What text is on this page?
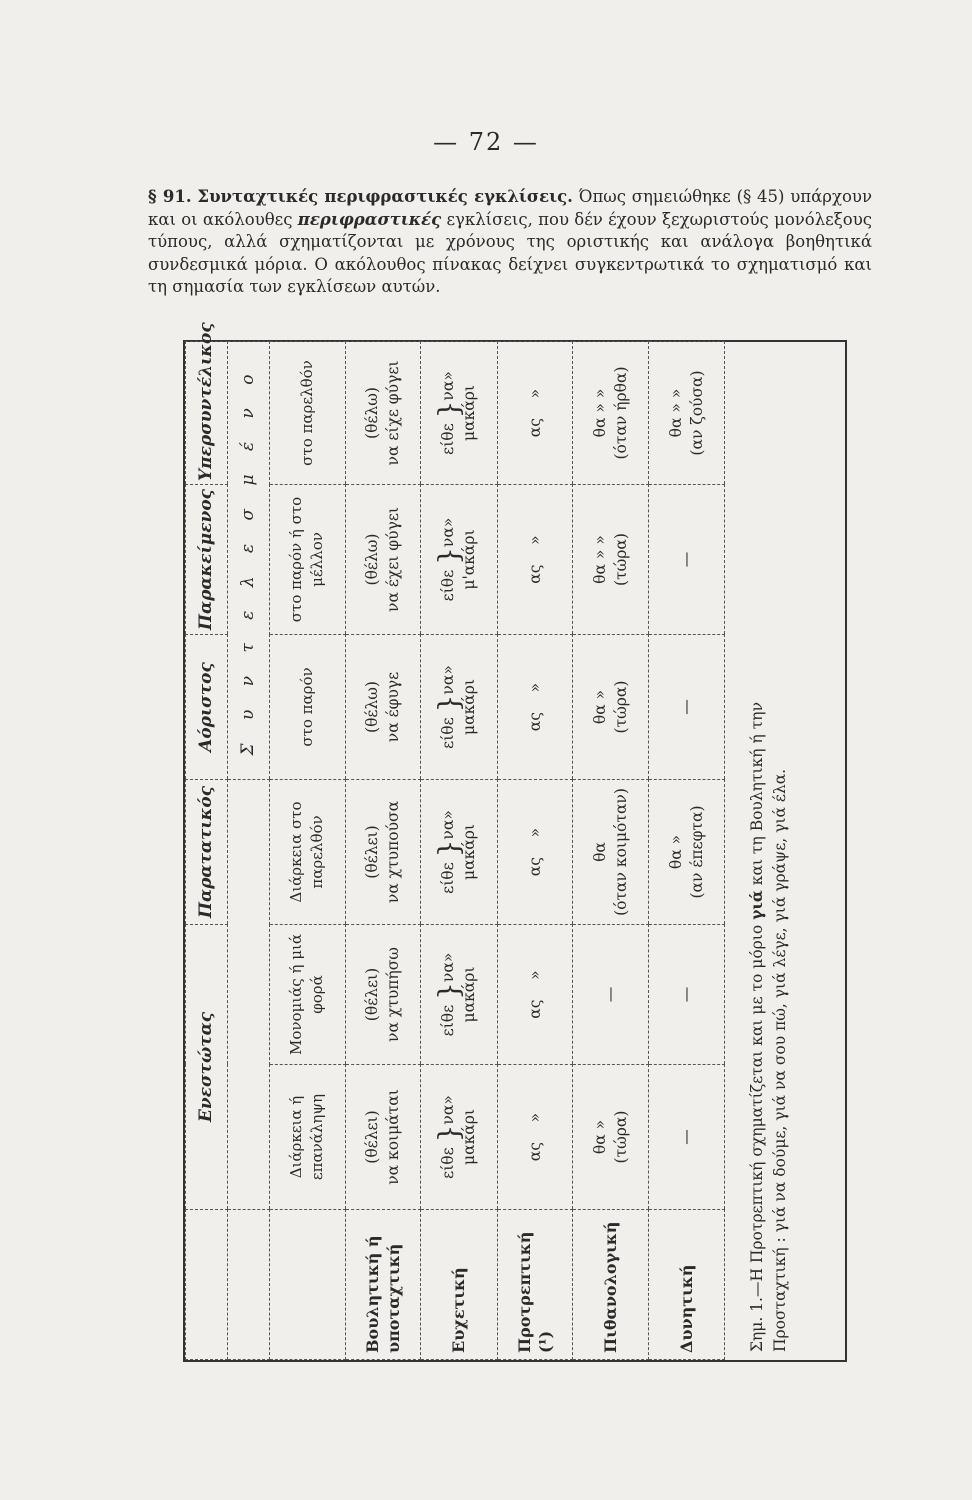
— 72 —
§ 91. Συνταχτικές περιφραστικές εγκλίσεις. Όπως σημειώθηκε (§ 45) υπάρχουν και οι ακόλουθες περιφραστικές εγκλίσεις, που δέν έχουν ξεχωριστούς μονόλεξους τύπους, αλλά σχηματίζονται με χρόνους της οριστικής και ανάλογα βοηθητικά συνδεσμικά μόρια. Ο ακόλουθος πίνακας δείχνει συγκεντρωτικά το σχηματισμό και τη σημασία των εγκλίσεων αυτών.
	Ενεστώτας		Παρατατικός	Αόριστος	Παρακείμενος	Υπερσυντέλικος
				Σ υ ν τ ε λ ε σ μ έ ν ο		
	Διάρκεια ή επανάληψη	Μονομιάς ή μιά φορά	Διάρκεια στο παρελθόν	στο παρόν	στο παρόν ή στο μέλλον	στο παρελθόν
Βουλητική ή υποταχτική	(θέλει) να κοιμάται	(θέλει) να χτυπήσω	(θέλει) να χτυπούσα	(θέλω) να έφυγε	(θέλω) να έχει φύγει	(θέλω) να είχε φύγει
Ευχετική	είθε }να» μακάρι	είθε }να» μακάρι	είθε }να» μακάρι	είθε }να» μακάρι	είθε }να» μ'ακάρι	είθε }να» μακάρι
Προτρεπτική (¹)	ας    »	ας    »	ας    »	ας    »	ας    »	ας    »
Πιθανολογική	θα » (τώρα)	—	θα (όταν κοιμόταν)	θα » (τώρα)	θα » » (τώρα)	θα » » (όταν ήρθα)
Δυνητική	—	—	θα » (αν έπεφτα)	—	—	θα » » (αν ζούσα)
Σημ. 1.—Η Προτρεπτική σχηματίζεται και με το μόριο γιά και τη Βουλητική ή την Προσταχτική : γιά να δούμε, γιά να σου πώ, γιά λέγε, γιά γράψε, γιά έλα.
